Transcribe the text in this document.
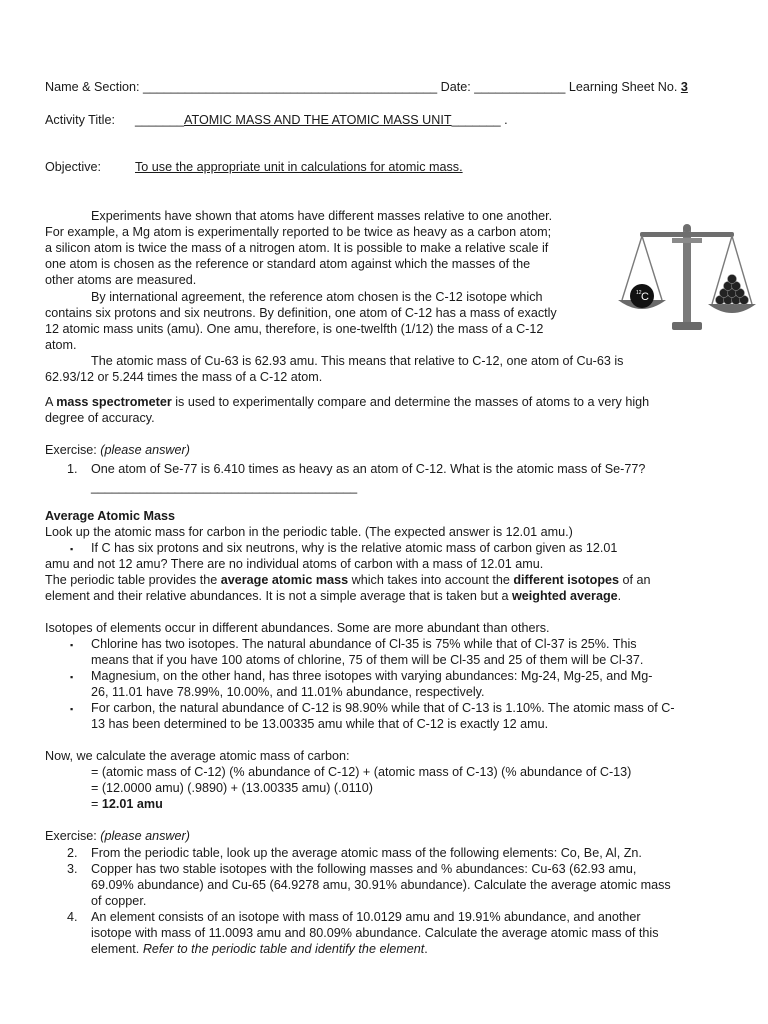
Name & Section: __________________________________________ Date: _____________ Learning Sheet No. 3
Activity Title: _______ATOMIC MASS AND THE ATOMIC MASS UNIT_______ .
Objective:	To use the appropriate unit in calculations for atomic mass.
Experiments have shown that atoms have different masses relative to one another.
For example, a Mg atom is experimentally reported to be twice as heavy as a carbon atom;
a silicon atom is twice the mass of a nitrogen atom. It is possible to make a relative scale if
one atom is chosen as the reference or standard atom against which the masses of the
other atoms are measured.
By international agreement, the reference atom chosen is the C-12 isotope which
contains six protons and six neutrons. By definition, one atom of C-12 has a mass of exactly
12 atomic mass units (amu). One amu, therefore, is one-twelfth (1/12) the mass of a C-12
atom.
The atomic mass of Cu-63 is 62.93 amu. This means that relative to C-12, one atom of Cu-63 is
62.93/12 or 5.244 times the mass of a C-12 atom.
12 C
A mass spectrometer is used to experimentally compare and determine the masses of atoms to a very high
degree of accuracy.
Exercise: (please answer)
1. One atom of Se-77 is 6.410 times as heavy as an atom of C-12. What is the atomic mass of Se-77?
______________________________________
Average Atomic Mass
Look up the atomic mass for carbon in the periodic table. (The expected answer is 12.01 amu.)
▪ If C has six protons and six neutrons, why is the relative atomic mass of carbon given as 12.01
amu and not 12 amu? There are no individual atoms of carbon with a mass of 12.01 amu.
The periodic table provides the average atomic mass which takes into account the different isotopes of an
element and their relative abundances. It is not a simple average that is taken but a weighted average.
Isotopes of elements occur in different abundances. Some are more abundant than others.
▪ Chlorine has two isotopes. The natural abundance of Cl-35 is 75% while that of Cl-37 is 25%. This
means that if you have 100 atoms of chlorine, 75 of them will be Cl-35 and 25 of them will be Cl-37.
▪ Magnesium, on the other hand, has three isotopes with varying abundances: Mg-24, Mg-25, and Mg-
26, 11.01 have 78.99%, 10.00%, and 11.01% abundance, respectively.
▪ For carbon, the natural abundance of C-12 is 98.90% while that of C-13 is 1.10%. The atomic mass of C-
13 has been determined to be 13.00335 amu while that of C-12 is exactly 12 amu.
Now, we calculate the average atomic mass of carbon:
= (atomic mass of C-12) (% abundance of C-12) + (atomic mass of C-13) (% abundance of C-13)
= (12.0000 amu) (.9890) + (13.00335 amu) (.0110)
= 12.01 amu
Exercise: (please answer)
2. From the periodic table, look up the average atomic mass of the following elements: Co, Be, Al, Zn.
3. Copper has two stable isotopes with the following masses and % abundances: Cu-63 (62.93 amu,
69.09% abundance) and Cu-65 (64.9278 amu, 30.91% abundance). Calculate the average atomic mass
of copper.
4. An element consists of an isotope with mass of 10.0129 amu and 19.91% abundance, and another
isotope with mass of 11.0093 amu and 80.09% abundance. Calculate the average atomic mass of this
element. Refer to the periodic table and identify the element.
